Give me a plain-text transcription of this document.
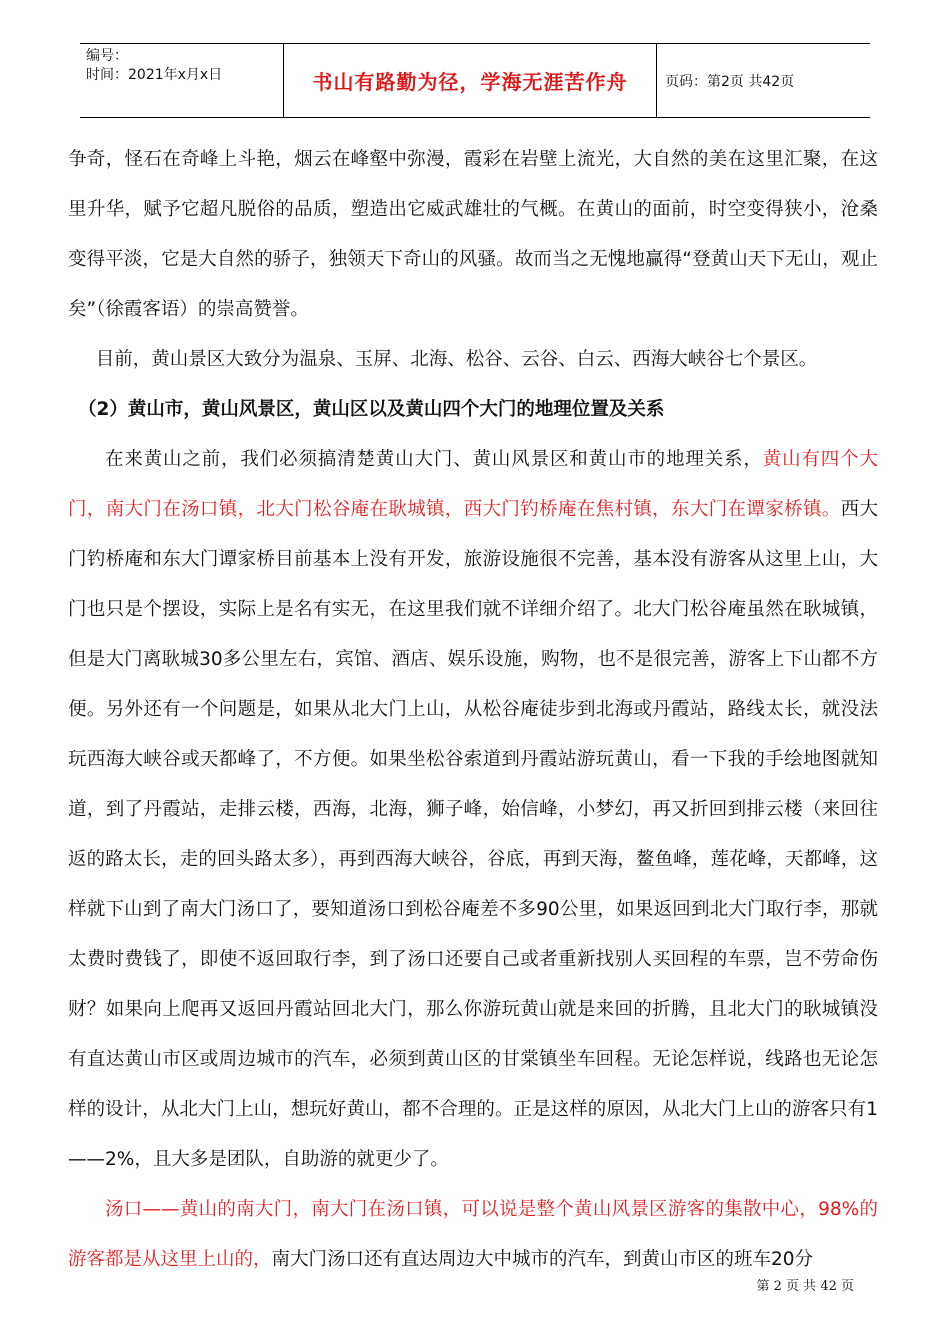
编号：
时间：2021年x月x日	书山有路勤为径，学海无涯苦作舟	页码：第2页 共42页

争奇，怪石在奇峰上斗艳，烟云在峰壑中弥漫，霞彩在岩壁上流光，大自然的美在这里汇聚，在这里升华，赋予它超凡脱俗的品质，塑造出它威武雄壮的气概。在黄山的面前，时空变得狭小，沧桑变得平淡，它是大自然的骄子，独领天下奇山的风骚。故而当之无愧地赢得“登黄山天下无山，观止矣”（徐霞客语）的崇高赞誉。

目前，黄山景区大致分为温泉、玉屏、北海、松谷、云谷、白云、西海大峡谷七个景区。

（2）黄山市，黄山风景区，黄山区以及黄山四个大门的地理位置及关系

在来黄山之前，我们必须搞清楚黄山大门、黄山风景区和黄山市的地理关系，黄山有四个大门，南大门在汤口镇，北大门松谷庵在耿城镇，西大门钓桥庵在焦村镇，东大门在谭家桥镇。西大门钓桥庵和东大门谭家桥目前基本上没有开发，旅游设施很不完善，基本没有游客从这里上山，大门也只是个摆设，实际上是名有实无，在这里我们就不详细介绍了。北大门松谷庵虽然在耿城镇，但是大门离耿城30多公里左右，宾馆、酒店、娱乐设施，购物，也不是很完善，游客上下山都不方便。另外还有一个问题是，如果从北大门上山，从松谷庵徒步到北海或丹霞站，路线太长，就没法玩西海大峡谷或天都峰了，不方便。如果坐松谷索道到丹霞站游玩黄山，看一下我的手绘地图就知道，到了丹霞站，走排云楼，西海，北海，狮子峰，始信峰，小梦幻，再又折回到排云楼（来回往返的路太长，走的回头路太多），再到西海大峡谷，谷底，再到天海，鳌鱼峰，莲花峰，天都峰，这样就下山到了南大门汤口了，要知道汤口到松谷庵差不多90公里，如果返回到北大门取行李，那就太费时费钱了，即使不返回取行李，到了汤口还要自己或者重新找别人买回程的车票，岂不劳命伤财？如果向上爬再又返回丹霞站回北大门，那么你游玩黄山就是来回的折腾，且北大门的耿城镇没有直达黄山市区或周边城市的汽车，必须到黄山区的甘棠镇坐车回程。无论怎样说，线路也无论怎样的设计，从北大门上山，想玩好黄山，都不合理的。正是这样的原因，从北大门上山的游客只有1——2%，且大多是团队，自助游的就更少了。

汤口——黄山的南大门，南大门在汤口镇，可以说是整个黄山风景区游客的集散中心，98%的游客都是从这里上山的，南大门汤口还有直达周边大中城市的汽车，到黄山市区的班车20分

第 2 页 共 42 页
